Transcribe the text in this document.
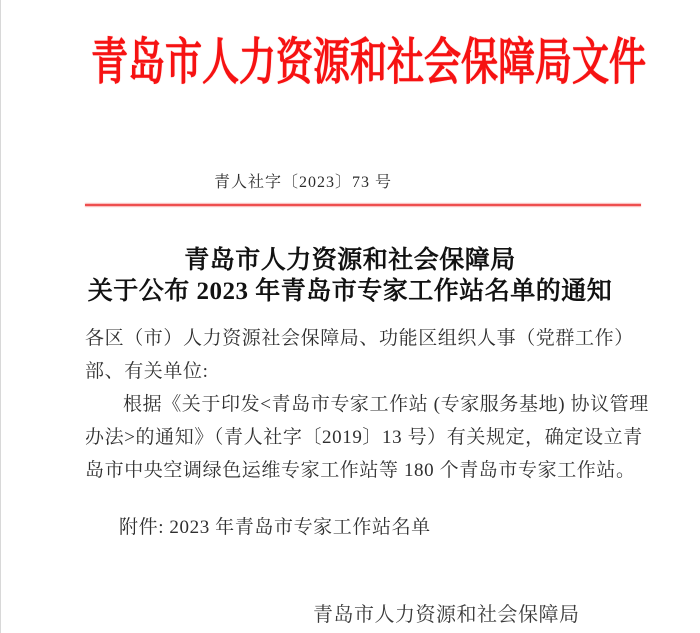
青岛市人力资源和社会保障局文件
青人社字〔2023〕73 号
青岛市人力资源和社会保障局
关于公布 2023 年青岛市专家工作站名单的通知
各区（市）人力资源社会保障局、功能区组织人事（党群工作）
部、有关单位:
根据《关于印发<青岛市专家工作站 (专家服务基地) 协议管理
办法>的通知》（青人社字〔2019〕13 号）有关规定，确定设立青
岛市中央空调绿色运维专家工作站等 180 个青岛市专家工作站。
附件: 2023 年青岛市专家工作站名单
青岛市人力资源和社会保障局
